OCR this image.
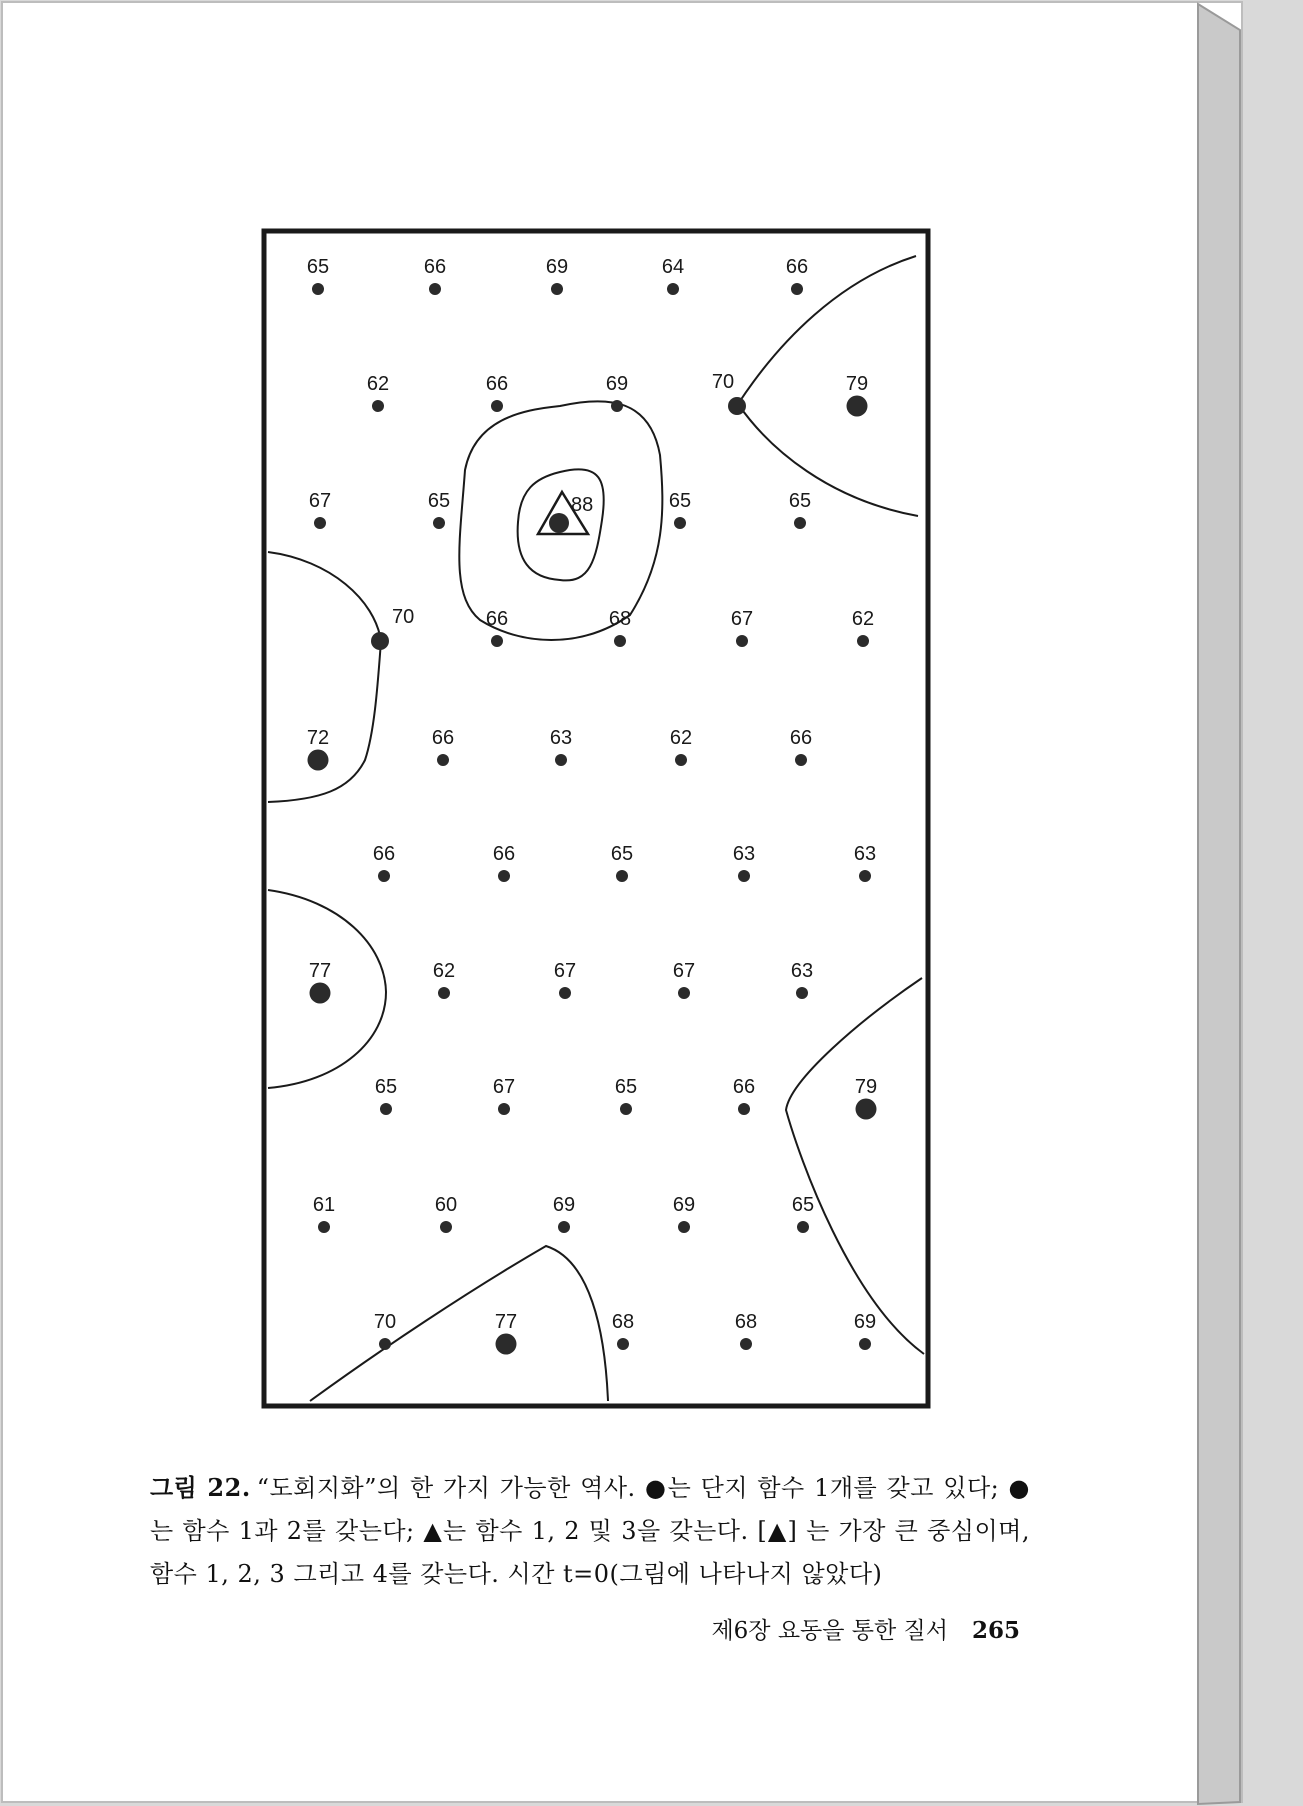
65	66	69	64	66
62	66	69	70	79
67	65	88	65	65
70	66	68	67	62
72	66	63	62	66
66	66	65	63	63
77	62	67	67	63
65	67	65	66	79
61	60	69	69	65
70	77	68	68	69
그림 22. “도회지화”의 한 가지 가능한 역사. ●는 단지 함수 1개를 갖고 있다; ●는 함수 1과 2를 갖는다; ▲는 함수 1, 2 및 3을 갖는다. [▲] 는 가장 큰 중심이며, 함수 1, 2, 3 그리고 4를 갖는다. 시간 t=0(그림에 나타나지 않았다)
제6장 요동을 통한 질서 265
